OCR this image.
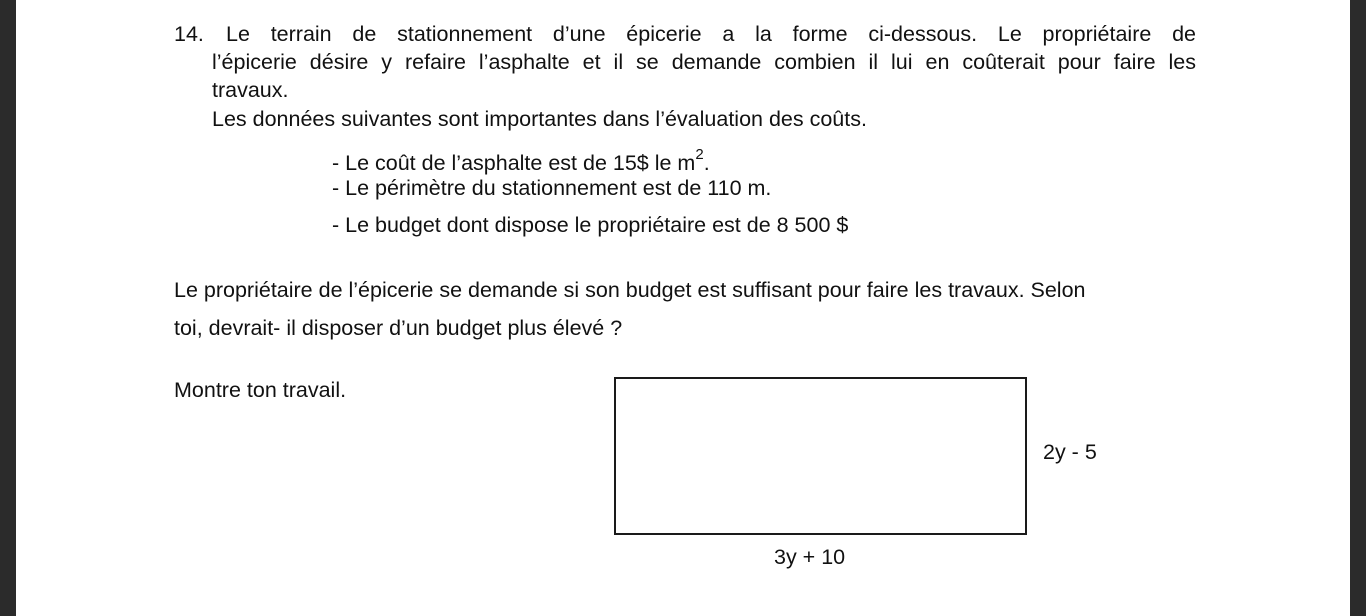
14. Le terrain de stationnement d’une épicerie a la forme ci-dessous. Le propriétaire de
l’épicerie désire y refaire l’asphalte et il se demande combien il lui en coûterait pour faire les
travaux.
Les données suivantes sont importantes dans l’évaluation des coûts.
- Le coût de l’asphalte est de 15$ le $m^2$.
- Le périmètre du stationnement est de 110 m.
- Le budget dont dispose le propriétaire est de 8 500 $
Le propriétaire de l’épicerie se demande si son budget est suffisant pour faire les travaux. Selon
toi, devrait- il disposer d’un budget plus élevé ?
Montre ton travail.
2y - 5
3y + 10
